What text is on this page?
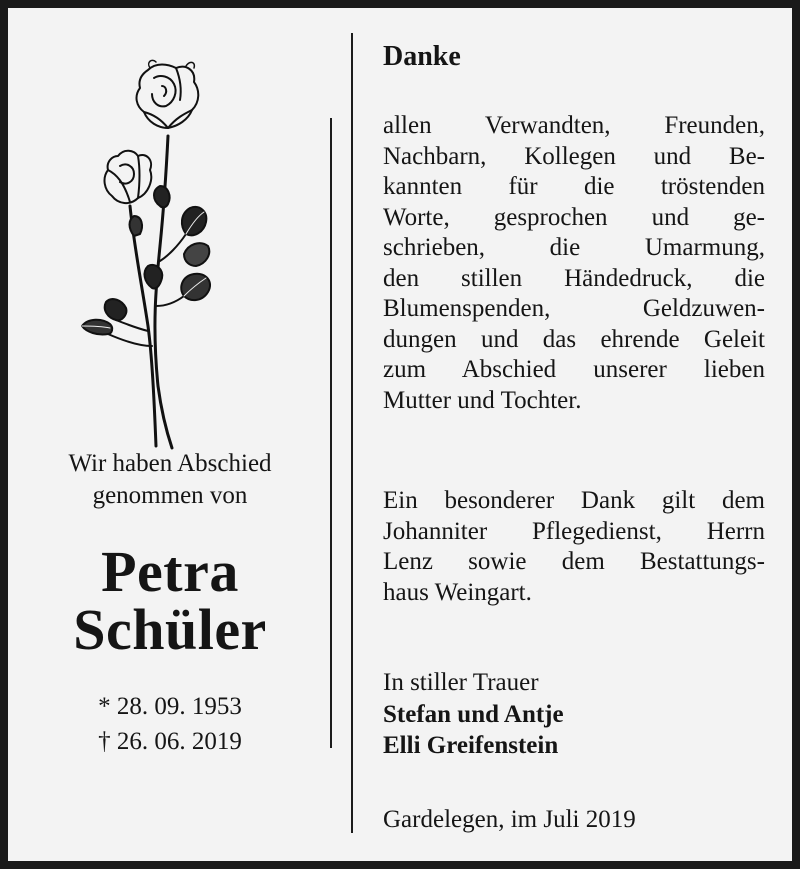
Wir haben Abschied
genommen von
Petra
Schüler
* 28. 09. 1953
† 26. 06. 2019
Danke
allen Verwandten, Freunden,
Nachbarn, Kollegen und Be-
kannten für die tröstenden
Worte, gesprochen und ge-
schrieben, die Umarmung,
den stillen Händedruck, die
Blumenspenden, Geldzuwen-
dungen und das ehrende Geleit
zum Abschied unserer lieben
Mutter und Tochter.
Ein besonderer Dank gilt dem
Johanniter Pflegedienst, Herrn
Lenz sowie dem Bestattungs-
haus Weingart.
In stiller Trauer
Stefan und Antje
Elli Greifenstein
Gardelegen, im Juli 2019
